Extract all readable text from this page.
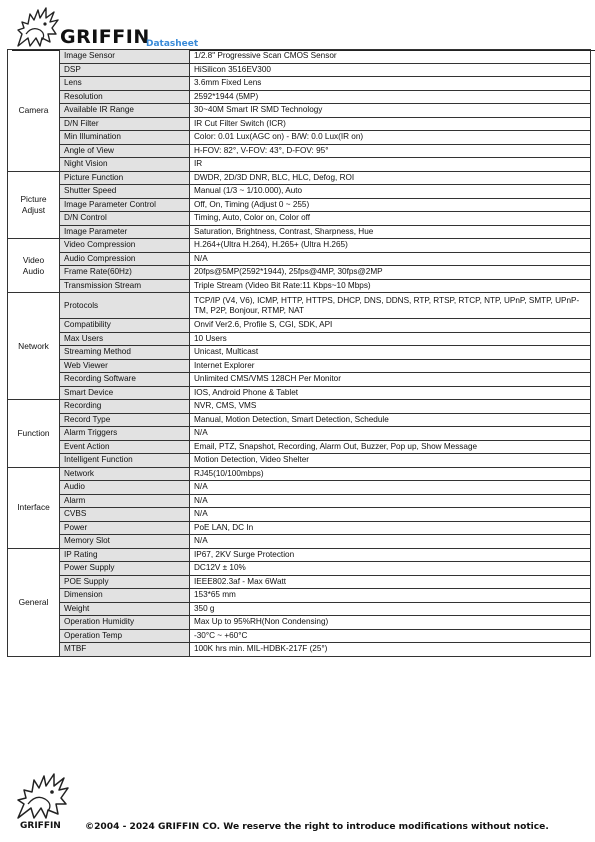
GRIFFIN
Datasheet
Camera	Image Sensor	1/2.8" Progressive Scan CMOS Sensor
	DSP	HiSilicon 3516EV300
	Lens	3.6mm Fixed Lens
	Resolution	2592*1944 (5MP)
	Available IR Range	30~40M Smart IR SMD Technology
	D/N Filter	IR Cut Filter Switch (ICR)
	Min Illumination	Color: 0.01 Lux(AGC on) - B/W: 0.0 Lux(IR on)
	Angle of View	H-FOV: 82°, V-FOV: 43°, D-FOV: 95°
	Night Vision	IR
Picture Adjust	Picture Function	DWDR, 2D/3D DNR, BLC, HLC, Defog, ROI
	Shutter Speed	Manual (1/3 ~ 1/10.000), Auto
	Image Parameter Control	Off, On, Timing (Adjust 0 ~ 255)
	D/N Control	Timing, Auto, Color on, Color off
	Image Parameter	Saturation, Brightness, Contrast, Sharpness, Hue
Video Audio	Video Compression	H.264+(Ultra H.264), H.265+ (Ultra H.265)
	Audio Compression	N/A
	Frame Rate(60Hz)	20fps@5MP(2592*1944), 25fps@4MP, 30fps@2MP
	Transmission Stream	Triple Stream (Video Bit Rate:11 Kbps~10 Mbps)
Network	Protocols	TCP/IP (V4, V6), ICMP, HTTP, HTTPS, DHCP, DNS, DDNS, RTP, RTSP, RTCP, NTP, UPnP, SMTP, UPnP-TM, P2P, Bonjour, RTMP, NAT
	Compatibility	Onvif Ver2.6, Profile S, CGI, SDK, API
	Max Users	10 Users
	Streaming Method	Unicast, Multicast
	Web Viewer	Internet Explorer
	Recording Software	Unlimited CMS/VMS 128CH Per Monitor
	Smart Device	IOS, Android Phone & Tablet
Function	Recording	NVR, CMS, VMS
	Record Type	Manual, Motion Detection, Smart Detection, Schedule
	Alarm Triggers	N/A
	Event Action	Email, PTZ, Snapshot, Recording, Alarm Out, Buzzer, Pop up, Show Message
	Intelligent Function	Motion Detection, Video Shelter
Interface	Network	RJ45(10/100mbps)
	Audio	N/A
	Alarm	N/A
	CVBS	N/A
	Power	PoE LAN, DC In
	Memory Slot	N/A
General	IP Rating	IP67, 2KV Surge Protection
	Power Supply	DC12V ± 10%
	POE Supply	IEEE802.3af - Max 6Watt
	Dimension	153*65 mm
	Weight	350 g
	Operation Humidity	Max Up to 95%RH(Non Condensing)
	Operation Temp	-30°C ~ +60°C
	MTBF	100K hrs min. MIL-HDBK-217F (25°)
GRIFFIN	©2004 - 2024 GRIFFIN CO. We reserve the right to introduce modifications without notice.
